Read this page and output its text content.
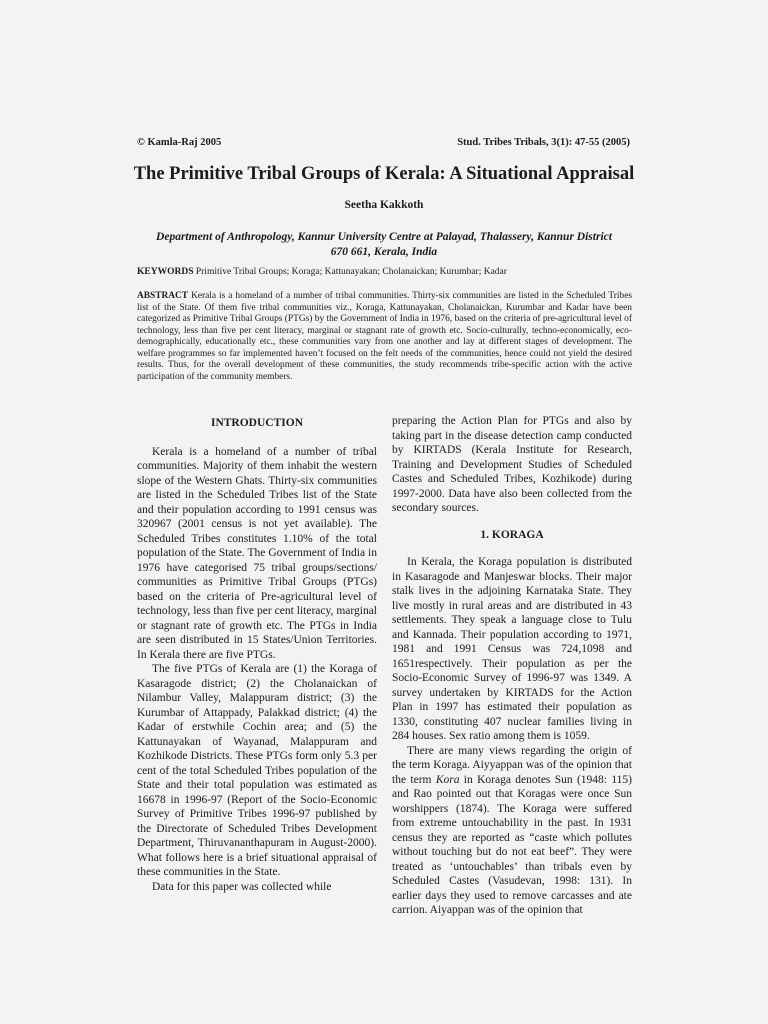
© Kamla-Raj 2005	Stud. Tribes Tribals, 3(1): 47-55 (2005)
The Primitive Tribal Groups of Kerala: A Situational Appraisal
Seetha Kakkoth
Department of Anthropology, Kannur University Centre at Palayad, Thalassery, Kannur District 670 661, Kerala, India
KEYWORDS Primitive Tribal Groups; Koraga; Kattunayakan; Cholanaickan; Kurumbar; Kadar
ABSTRACT Kerala is a homeland of a number of tribal communities. Thirty-six communities are listed in the Scheduled Tribes list of the State. Of them five tribal communities viz., Koraga, Kattunayakan, Cholanaickan, Kurumbar and Kadar have been categorized as Primitive Tribal Groups (PTGs) by the Government of India in 1976, based on the criteria of pre-agricultural level of technology, less than five per cent literacy, marginal or stagnant rate of growth etc. Socio-culturally, techno-economically, eco-demographically, educationally etc., these communities vary from one another and lay at different stages of development. The welfare programmes so far implemented haven’t focused on the felt needs of the communities, hence could not yield the desired results. Thus, for the overall development of these communities, the study recommends tribe-specific action with the active participation of the community members.
INTRODUCTION

Kerala is a homeland of a number of tribal communities. Majority of them inhabit the western slope of the Western Ghats. Thirty-six communities are listed in the Scheduled Tribes list of the State and their population according to 1991 census was 320967 (2001 census is not yet available). The Scheduled Tribes constitutes 1.10% of the total population of the State. The Government of India in 1976 have categorised 75 tribal groups/sections/ communities as Primitive Tribal Groups (PTGs) based on the criteria of Pre-agricultural level of technology, less than five per cent literacy, marginal or stagnant rate of growth etc. The PTGs in India are seen distributed in 15 States/Union Territories. In Kerala there are five PTGs.

The five PTGs of Kerala are (1) the Koraga of Kasaragode district; (2) the Cholanaickan of Nilambur Valley, Malappuram district; (3) the Kurumbar of Attappady, Palakkad district; (4) the Kadar of erstwhile Cochin area; and (5) the Kattunayakan of Wayanad, Malappuram and Kozhikode Districts. These PTGs form only 5.3 per cent of the total Scheduled Tribes population of the State and their total population was estimated as 16678 in 1996-97 (Report of the Socio-Economic Survey of Primitive Tribes 1996-97 published by the Directorate of Scheduled Tribes Development Department, Thiruvananthapuram in August-2000). What follows here is a brief situational appraisal of these communities in the State.

Data for this paper was collected while

preparing the Action Plan for PTGs and also by taking part in the disease detection camp conducted by KIRTADS (Kerala Institute for Research, Training and Development Studies of Scheduled Castes and Scheduled Tribes, Kozhikode) during 1997-2000. Data have also been collected from the secondary sources.

1. KORAGA

In Kerala, the Koraga population is distributed in Kasaragode and Manjeswar blocks. Their major stalk lives in the adjoining Karnataka State. They live mostly in rural areas and are distributed in 43 settlements. They speak a language close to Tulu and Kannada. Their population according to 1971, 1981 and 1991 Census was 724,1098 and 1651respectively. Their population as per the Socio-Economic Survey of 1996-97 was 1349. A survey undertaken by KIRTADS for the Action Plan in 1997 has estimated their population as 1330, constituting 407 nuclear families living in 284 houses. Sex ratio among them is 1059.

There are many views regarding the origin of the term Koraga. Aiyyappan was of the opinion that the term Kora in Koraga denotes Sun (1948: 115) and Rao pointed out that Koragas were once Sun worshippers (1874). The Koraga were suffered from extreme untouchability in the past. In 1931 census they are reported as “caste which pollutes without touching but do not eat beef”. They were treated as ‘untouchables’ than tribals even by Scheduled Castes (Vasudevan, 1998: 131). In earlier days they used to remove carcasses and ate carrion. Aiyappan was of the opinion that
